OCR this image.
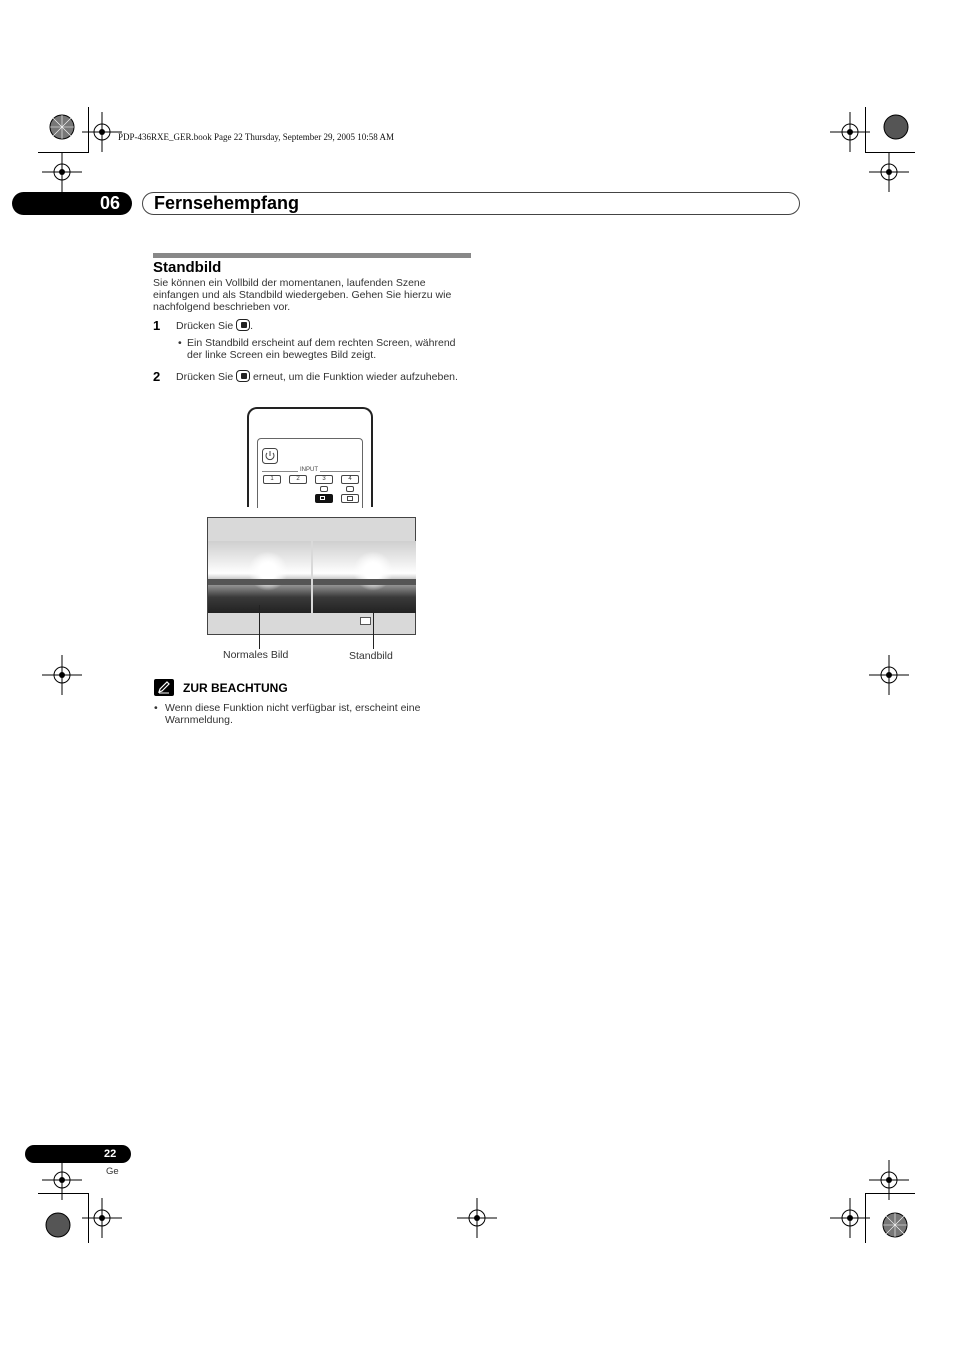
PDP-436RXE_GER.book Page 22 Thursday, September 29, 2005 10:58 AM
06 Fernsehempfang
Standbild
Sie können ein Vollbild der momentanen, laufenden Szene einfangen und als Standbild wiedergeben. Gehen Sie hierzu wie nachfolgend beschrieben vor.
1 Drücken Sie .
• Ein Standbild erscheint auf dem rechten Screen, während der linke Screen ein bewegtes Bild zeigt.
2 Drücken Sie erneut, um die Funktion wieder aufzuheben.
INPUT
1	2	3	4
Normales Bild	Standbild
ZUR BEACHTUNG
• Wenn diese Funktion nicht verfügbar ist, erscheint eine Warnmeldung.
22
Ge
